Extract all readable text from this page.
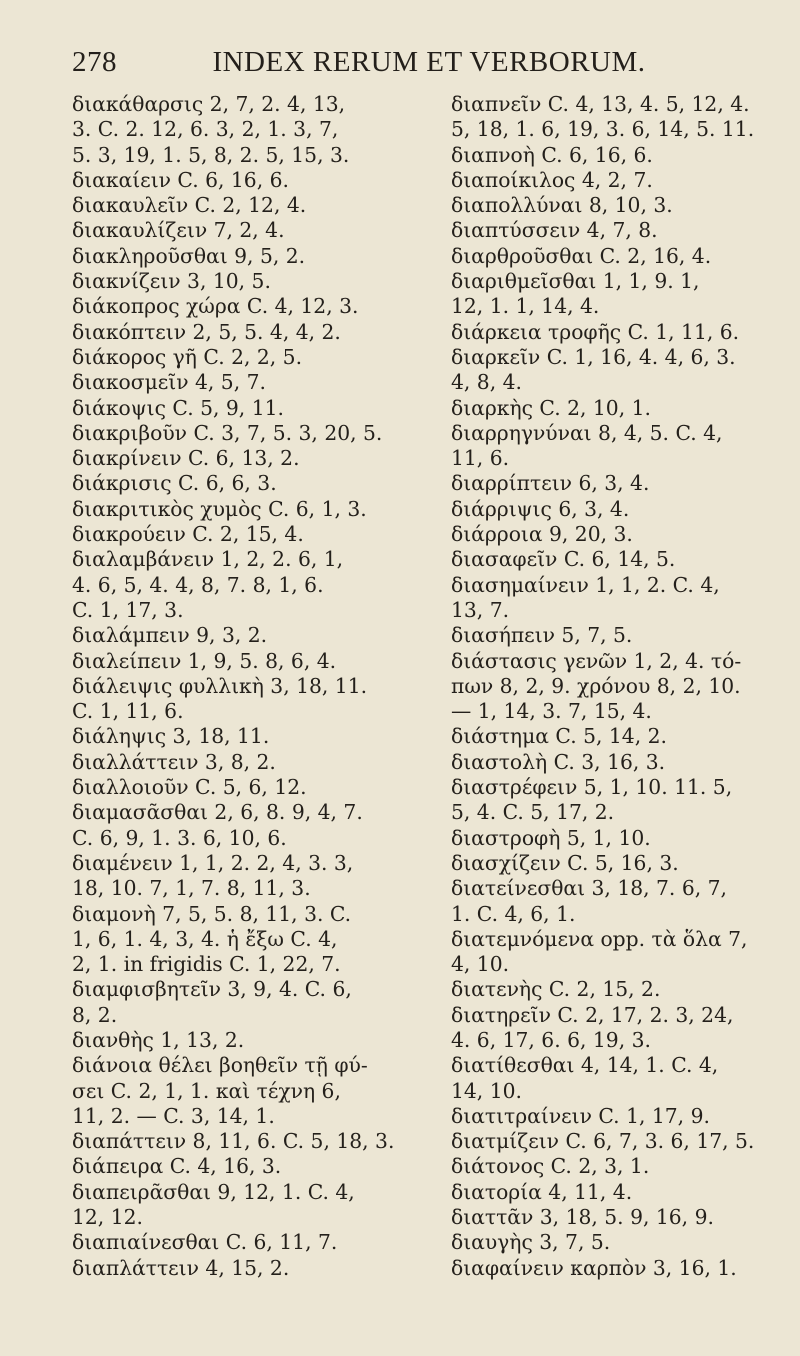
278	INDEX RERUM ET VERBORUM.
διακάθαρσις 2, 7, 2. 4, 13,
3. C. 2. 12, 6. 3, 2, 1. 3, 7,
5. 3, 19, 1. 5, 8, 2. 5, 15, 3.
διακαίειν C. 6, 16, 6.
διακαυλεῖν C. 2, 12, 4.
διακαυλίζειν 7, 2, 4.
διακληροῦσθαι 9, 5, 2.
διακνίζειν 3, 10, 5.
διάκοπρος χώρα C. 4, 12, 3.
διακόπτειν 2, 5, 5. 4, 4, 2.
διάκορος γῆ C. 2, 2, 5.
διακοσμεῖν 4, 5, 7.
διάκοψις C. 5, 9, 11.
διακριβοῦν C. 3, 7, 5. 3, 20, 5.
διακρίνειν C. 6, 13, 2.
διάκρισις C. 6, 6, 3.
διακριτικὸς χυμὸς C. 6, 1, 3.
διακρούειν C. 2, 15, 4.
διαλαμβάνειν 1, 2, 2. 6, 1,
4. 6, 5, 4. 4, 8, 7. 8, 1, 6.
C. 1, 17, 3.
διαλάμπειν 9, 3, 2.
διαλείπειν 1, 9, 5. 8, 6, 4.
διάλειψις φυλλικὴ 3, 18, 11.
C. 1, 11, 6.
διάληψις 3, 18, 11.
διαλλάττειν 3, 8, 2.
διαλλοιοῦν C. 5, 6, 12.
διαμασᾶσθαι 2, 6, 8. 9, 4, 7.
C. 6, 9, 1. 3. 6, 10, 6.
διαμένειν 1, 1, 2. 2, 4, 3. 3,
18, 10. 7, 1, 7. 8, 11, 3.
διαμονὴ 7, 5, 5. 8, 11, 3. C.
1, 6, 1. 4, 3, 4. ἡ ἔξω C. 4,
2, 1. in frigidis C. 1, 22, 7.
διαμφισβητεῖν 3, 9, 4. C. 6,
8, 2.
διανθὴς 1, 13, 2.
διάνοια θέλει βοηθεῖν τῇ φύ-
σει C. 2, 1, 1. καὶ τέχνη 6,
11, 2. — C. 3, 14, 1.
διαπάττειν 8, 11, 6. C. 5, 18, 3.
διάπειρα C. 4, 16, 3.
διαπειρᾶσθαι 9, 12, 1. C. 4,
12, 12.
διαπιαίνεσθαι C. 6, 11, 7.
διαπλάττειν 4, 15, 2.
διαπνεῖν C. 4, 13, 4. 5, 12, 4.
5, 18, 1. 6, 19, 3. 6, 14, 5. 11.
διαπνοὴ C. 6, 16, 6.
διαποίκιλος 4, 2, 7.
διαπολλύναι 8, 10, 3.
διαπτύσσειν 4, 7, 8.
διαρθροῦσθαι C. 2, 16, 4.
διαριθμεῖσθαι 1, 1, 9. 1,
12, 1. 1, 14, 4.
διάρκεια τροφῆς C. 1, 11, 6.
διαρκεῖν C. 1, 16, 4. 4, 6, 3.
4, 8, 4.
διαρκὴς C. 2, 10, 1.
διαρρηγνύναι 8, 4, 5. C. 4,
11, 6.
διαρρίπτειν 6, 3, 4.
διάρριψις 6, 3, 4.
διάρροια 9, 20, 3.
διασαφεῖν C. 6, 14, 5.
διασημαίνειν 1, 1, 2. C. 4,
13, 7.
διασήπειν 5, 7, 5.
διάστασις γενῶν 1, 2, 4. τό-
πων 8, 2, 9. χρόνου 8, 2, 10.
— 1, 14, 3. 7, 15, 4.
διάστημα C. 5, 14, 2.
διαστολὴ C. 3, 16, 3.
διαστρέφειν 5, 1, 10. 11. 5,
5, 4. C. 5, 17, 2.
διαστροφὴ 5, 1, 10.
διασχίζειν C. 5, 16, 3.
διατείνεσθαι 3, 18, 7. 6, 7,
1. C. 4, 6, 1.
διατεμνόμενα opp. τὰ ὅλα 7,
4, 10.
διατενὴς C. 2, 15, 2.
διατηρεῖν C. 2, 17, 2. 3, 24,
4. 6, 17, 6. 6, 19, 3.
διατίθεσθαι 4, 14, 1. C. 4,
14, 10.
διατιτραίνειν C. 1, 17, 9.
διατμίζειν C. 6, 7, 3. 6, 17, 5.
διάτονος C. 2, 3, 1.
διατορία 4, 11, 4.
διαττᾶν 3, 18, 5. 9, 16, 9.
διαυγὴς 3, 7, 5.
διαφαίνειν καρπὸν 3, 16, 1.
